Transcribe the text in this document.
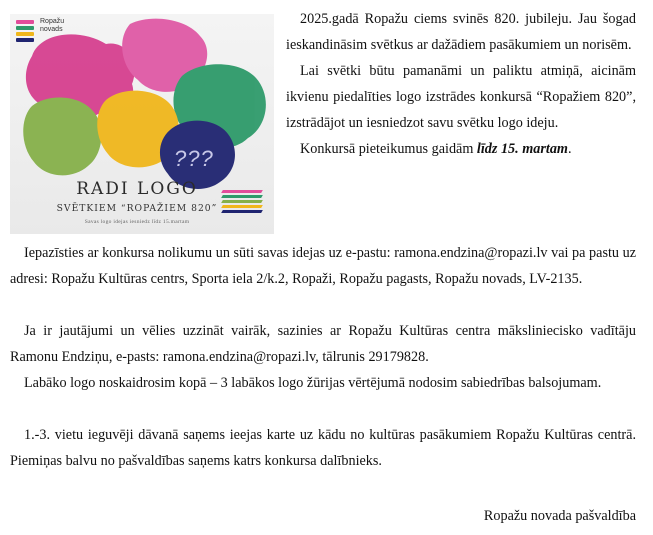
Ropažu
novads
???
RADI LOGO
SVĒTKIEM “ROPAŽIEM 820”
Savas logo idejas iesniedz līdz 15.martam

2025.gadā Ropažu ciems svinēs 820. jubileju. Jau šogad ieskandināsim svētkus ar dažādiem pasākumiem un norisēm.

Lai svētki būtu pamanāmi un paliktu atmiņā, aicinām ikvienu piedalīties logo izstrādes konkursā “Ropažiem 820”, izstrādājot un iesniedzot savu svētku logo ideju.

Konkursā pieteikumus gaidām līdz 15. martam.

Iepazīsties ar konkursa nolikumu un sūti savas idejas uz e-pastu: ramona.endzina@ropazi.lv vai pa pastu uz adresi: Ropažu Kultūras centrs, Sporta iela 2/k.2, Ropaži, Ropažu pagasts, Ropažu novads, LV-2135.

Ja ir jautājumi un vēlies uzzināt vairāk, sazinies ar Ropažu Kultūras centra mākslinieciskо vadītāju Ramonu Endziņu, e-pasts: ramona.endzina@ropazi.lv, tālrunis 29179828.

Labāko logo noskaidrosim kopā – 3 labākos logo žūrijas vērtējumā nodosim sabiedrības balsojumam.

1.-3. vietu ieguvēji dāvanā saņems ieejas karte uz kādu no kultūras pasākumiem Ropažu Kultūras centrā. Piemiņas balvu no pašvaldības saņems katrs konkursa dalībnieks.

Ropažu novada pašvaldība
